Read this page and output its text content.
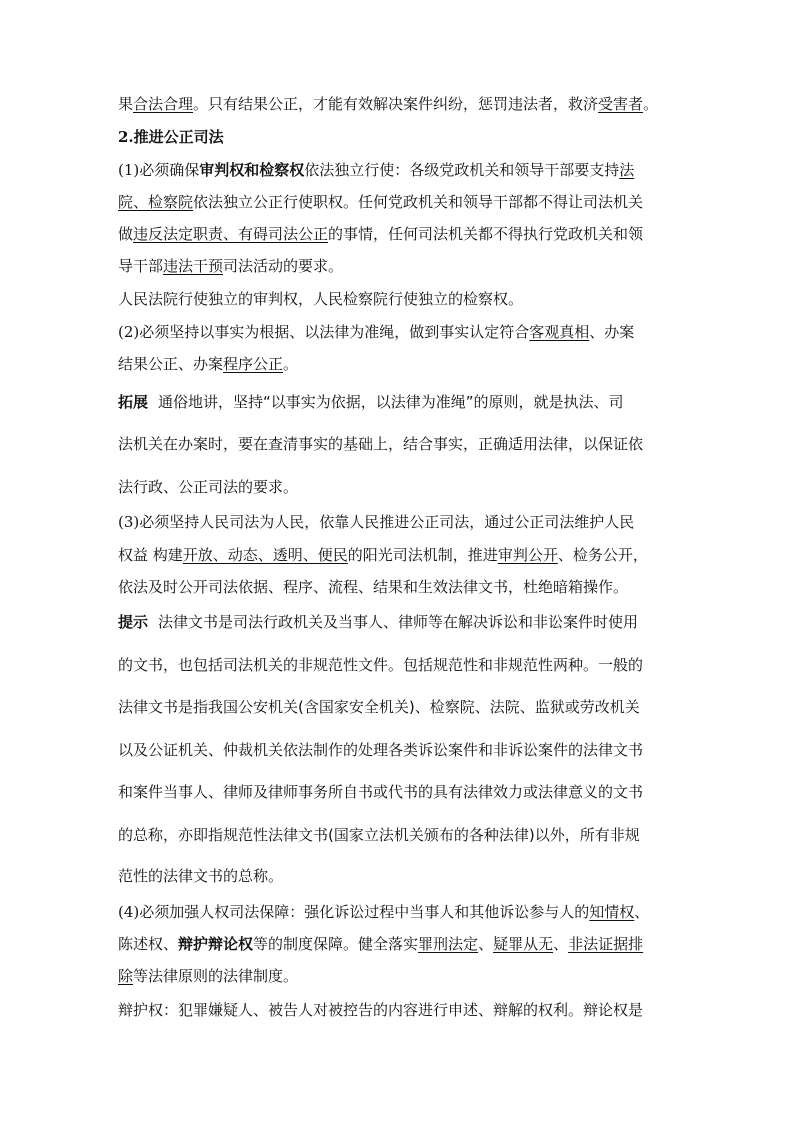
果合法合理。只有结果公正，才能有效解决案件纠纷，惩罚违法者，救济受害者。
2.推进公正司法
(1)必须确保审判权和检察权依法独立行使：各级党政机关和领导干部要支持法
院、检察院依法独立公正行使职权。任何党政机关和领导干部都不得让司法机关
做违反法定职责、有碍司法公正的事情，任何司法机关都不得执行党政机关和领
导干部违法干预司法活动的要求。
人民法院行使独立的审判权，人民检察院行使独立的检察权。
(2)必须坚持以事实为根据、以法律为准绳，做到事实认定符合客观真相、办案
结果公正、办案程序公正。
拓展 通俗地讲，坚持“以事实为依据，以法律为准绳”的原则，就是执法、司
法机关在办案时，要在查清事实的基础上，结合事实，正确适用法律，以保证依
法行政、公正司法的要求。
(3)必须坚持人民司法为人民，依靠人民推进公正司法，通过公正司法维护人民
权益 构建开放、动态、透明、便民的阳光司法机制，推进审判公开、检务公开，
依法及时公开司法依据、程序、流程、结果和生效法律文书，杜绝暗箱操作。
提示 法律文书是司法行政机关及当事人、律师等在解决诉讼和非讼案件时使用
的文书，也包括司法机关的非规范性文件。包括规范性和非规范性两种。一般的
法律文书是指我国公安机关(含国家安全机关)、检察院、法院、监狱或劳改机关
以及公证机关、仲裁机关依法制作的处理各类诉讼案件和非诉讼案件的法律文书
和案件当事人、律师及律师事务所自书或代书的具有法律效力或法律意义的文书
的总称，亦即指规范性法律文书(国家立法机关颁布的各种法律)以外，所有非规
范性的法律文书的总称。
(4)必须加强人权司法保障：强化诉讼过程中当事人和其他诉讼参与人的知情权、
陈述权、辩护辩论权等的制度保障。健全落实罪刑法定、疑罪从无、非法证据排
除等法律原则的法律制度。
辩护权：犯罪嫌疑人、被告人对被控告的内容进行申述、辩解的权利。辩论权是
